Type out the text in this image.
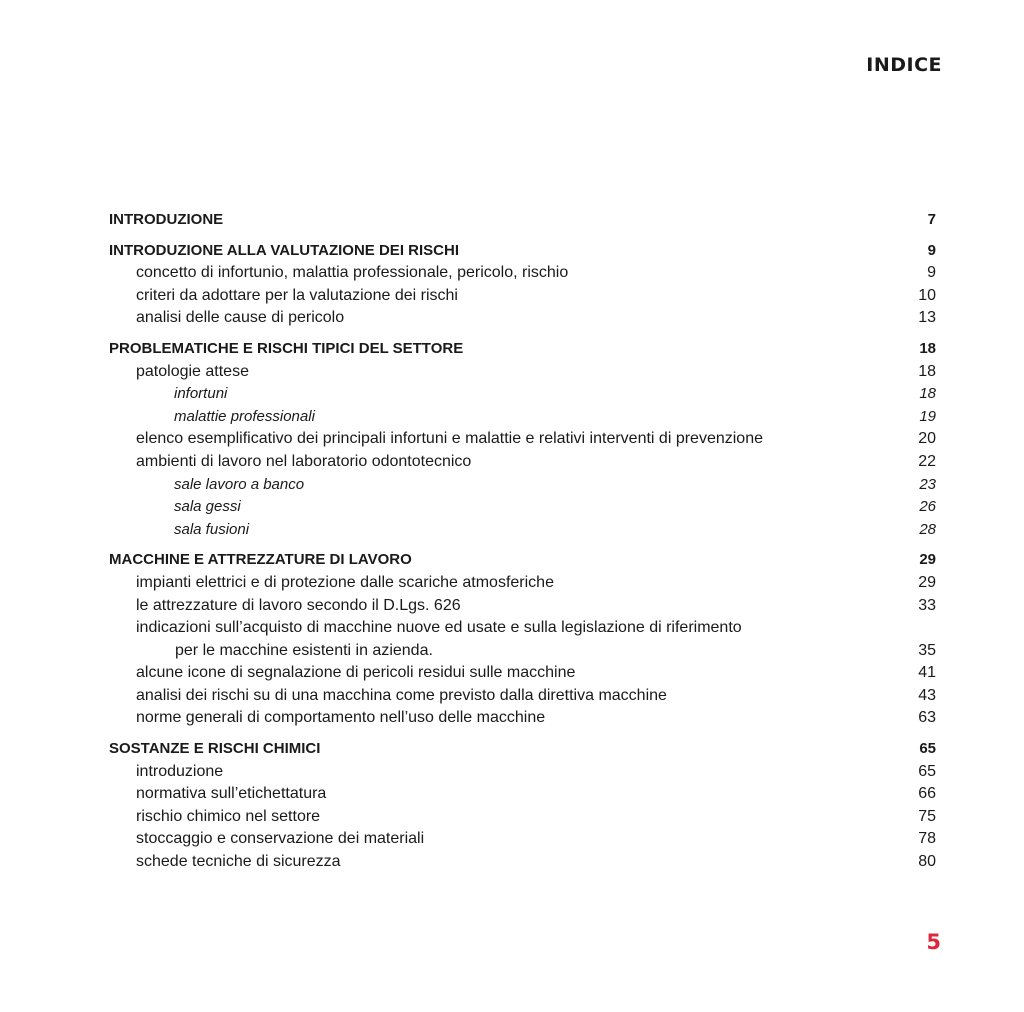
INDICE
INTRODUZIONE	7
INTRODUZIONE ALLA VALUTAZIONE DEI RISCHI	9
concetto di infortunio, malattia professionale, pericolo, rischio	9
criteri da adottare per la valutazione dei rischi	10
analisi delle cause di pericolo	13
PROBLEMATICHE E RISCHI TIPICI DEL SETTORE	18
patologie attese	18
infortuni	18
malattie professionali	19
elenco esemplificativo dei principali infortuni e malattie e relativi interventi di prevenzione	20
ambienti di lavoro nel laboratorio odontotecnico	22
sale lavoro a banco	23
sala gessi	26
sala fusioni	28
MACCHINE E ATTREZZATURE DI LAVORO	29
impianti elettrici e di protezione dalle scariche atmosferiche	29
le attrezzature di lavoro secondo il D.Lgs. 626	33
indicazioni sull’acquisto di macchine nuove ed usate e sulla legislazione di riferimento
per le macchine esistenti in azienda.	35
alcune icone di segnalazione di pericoli residui sulle macchine	41
analisi dei rischi su di una macchina come previsto dalla direttiva macchine	43
norme generali di comportamento nell’uso delle macchine	63
SOSTANZE E RISCHI CHIMICI	65
introduzione	65
normativa sull’etichettatura	66
rischio chimico nel settore	75
stoccaggio e conservazione dei materiali	78
schede tecniche di sicurezza	80
5
